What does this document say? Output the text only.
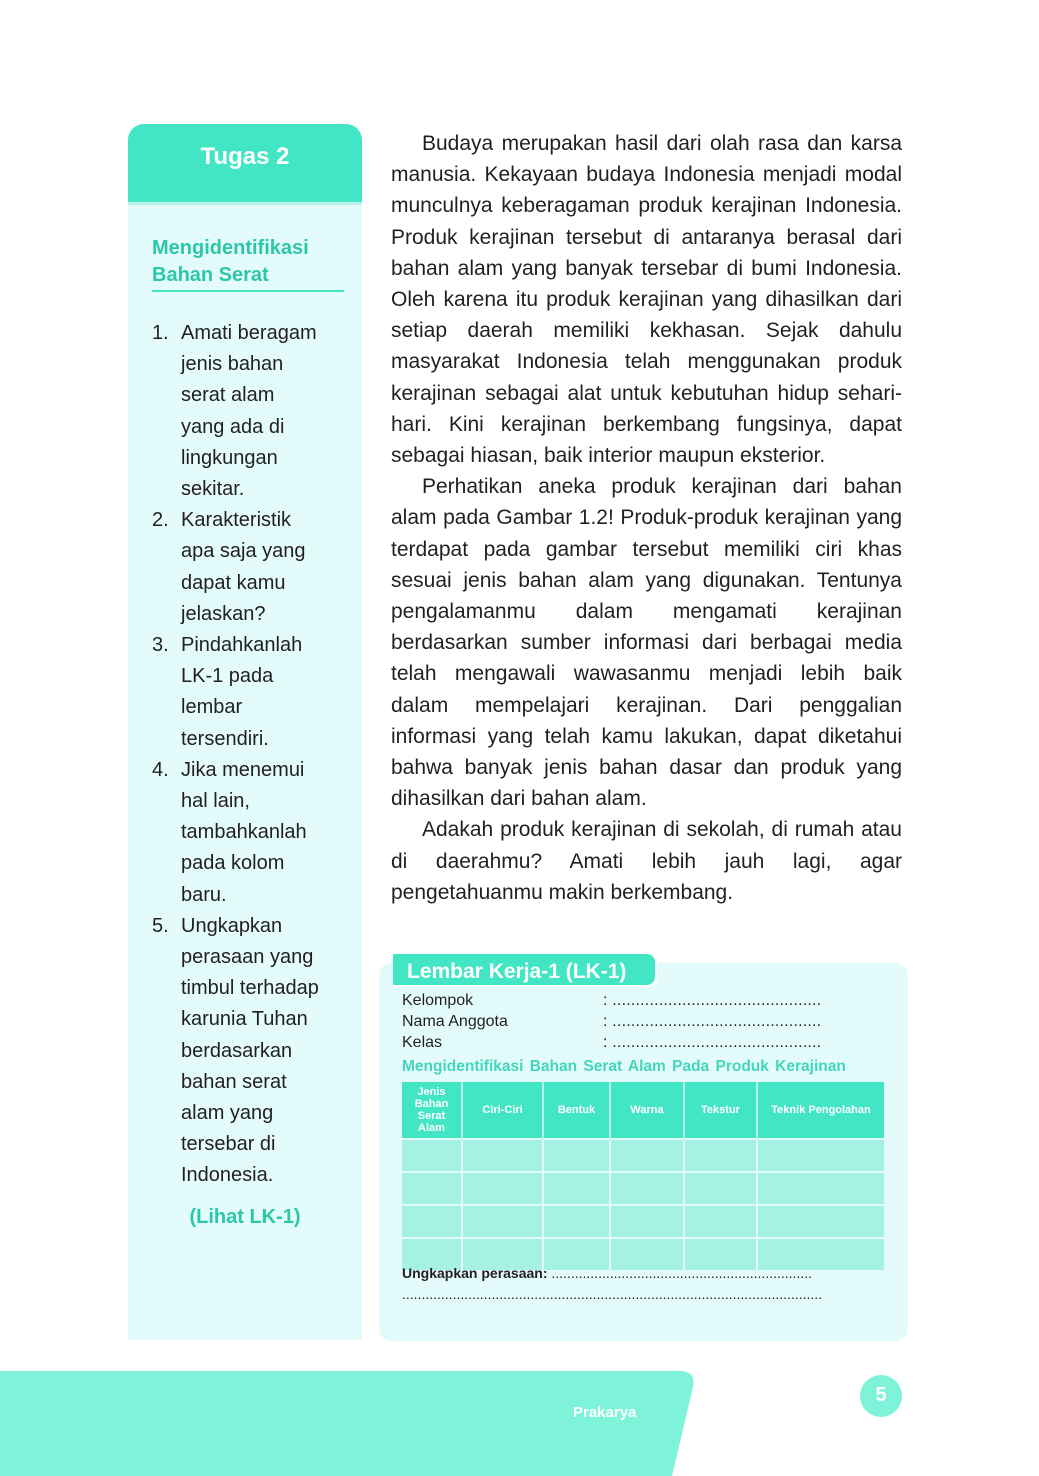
Tugas 2
Mengidentifikasi Bahan Serat
1. Amati beragam
jenis bahan
serat alam
yang ada di
lingkungan
sekitar.
2. Karakteristik
apa saja yang
dapat kamu
jelaskan?
3. Pindahkanlah
LK-1 pada
lembar
tersendiri.
4. Jika menemui
hal lain,
tambahkanlah
pada kolom
baru.
5. Ungkapkan
perasaan yang
timbul terhadap
karunia Tuhan
berdasarkan
bahan serat
alam yang
tersebar di
Indonesia.
(Lihat LK-1)

Budaya merupakan hasil dari olah rasa dan karsa manusia. Kekayaan budaya Indonesia menjadi modal munculnya keberagaman produk kerajinan Indonesia. Produk kerajinan tersebut di antaranya berasal dari bahan alam yang banyak tersebar di bumi Indonesia. Oleh karena itu produk kerajinan yang dihasilkan dari setiap daerah memiliki kekhasan. Sejak dahulu masyarakat Indonesia telah menggunakan produk kerajinan sebagai alat untuk kebutuhan hidup sehari-hari. Kini kerajinan berkembang fungsinya, dapat sebagai hiasan, baik interior maupun eksterior.

Perhatikan aneka produk kerajinan dari bahan alam pada Gambar 1.2! Produk-produk kerajinan yang terdapat pada gambar tersebut memiliki ciri khas sesuai jenis bahan alam yang digunakan. Tentunya pengalamanmu dalam mengamati kerajinan berdasarkan sumber informasi dari berbagai media telah mengawali wawasanmu menjadi lebih baik dalam mempelajari kerajinan. Dari penggalian informasi yang telah kamu lakukan, dapat diketahui bahwa banyak jenis bahan dasar dan produk yang dihasilkan dari bahan alam.

Adakah produk kerajinan di sekolah, di rumah atau di daerahmu? Amati lebih jauh lagi, agar pengetahuanmu makin berkembang.

Lembar Kerja-1 (LK-1)
Kelompok	: .............................................
Nama Anggota	: .............................................
Kelas	: .............................................
Mengidentifikasi Bahan Serat Alam Pada Produk Kerajinan
Jenis Bahan Serat Alam	Ciri-Ciri	Bentuk	Warna	Tekstur	Teknik Pengolahan

Ungkapkan perasaan: ...................................................................
............................................................................................................
Prakarya
5
